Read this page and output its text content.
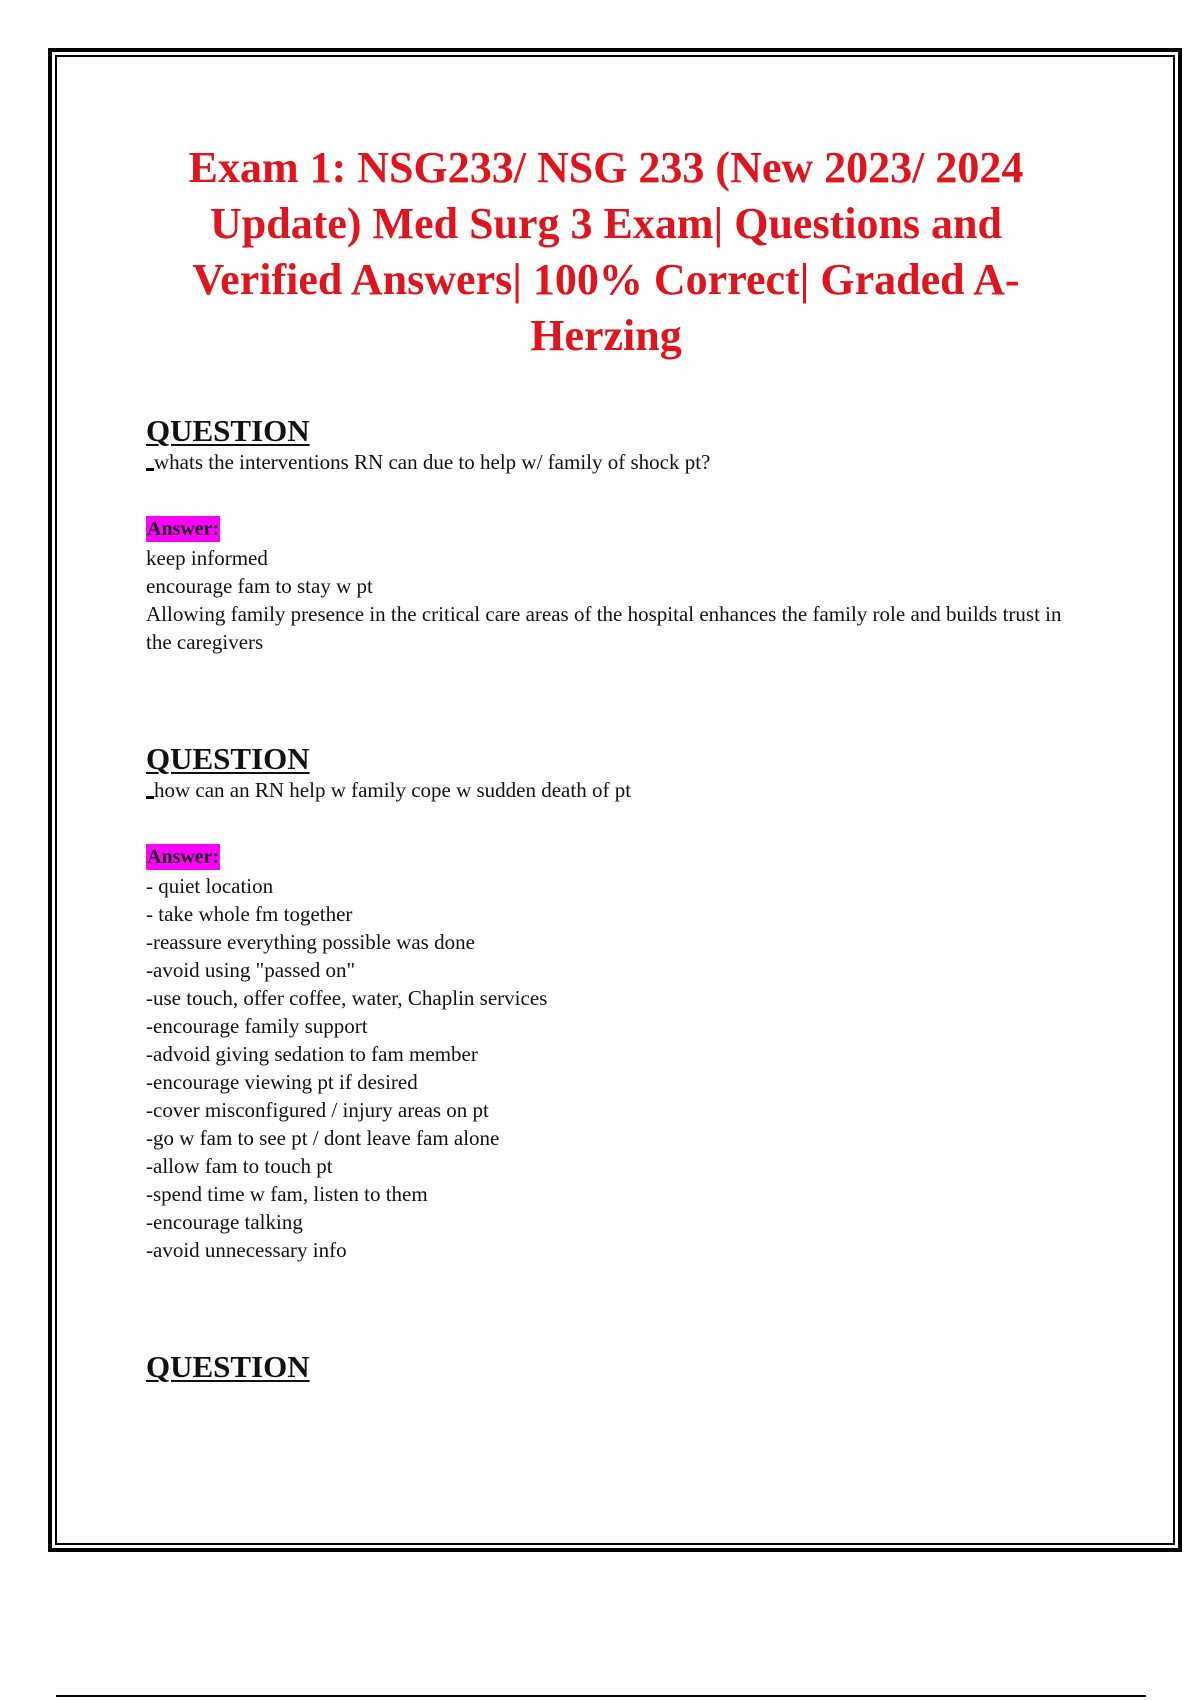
Exam 1: NSG233/ NSG 233 (New 2023/ 2024 Update) Med Surg 3 Exam| Questions and Verified Answers| 100% Correct| Graded A- Herzing
QUESTION
whats the interventions RN can due to help w/ family of shock pt?
Answer:
keep informed
encourage fam to stay w pt
Allowing family presence in the critical care areas of the hospital enhances the family role and builds trust in the caregivers
QUESTION
how can an RN help w family cope w sudden death of pt
Answer:
- quiet location
- take whole fm together
-reassure everything possible was done
-avoid using "passed on"
-use touch, offer coffee, water, Chaplin services
-encourage family support
-advoid giving sedation to fam member
-encourage viewing pt if desired
-cover misconfigured / injury areas on pt
-go w fam to see pt / dont leave fam alone
-allow fam to touch pt
-spend time w fam, listen to them
-encourage talking
-avoid unnecessary info
QUESTION
